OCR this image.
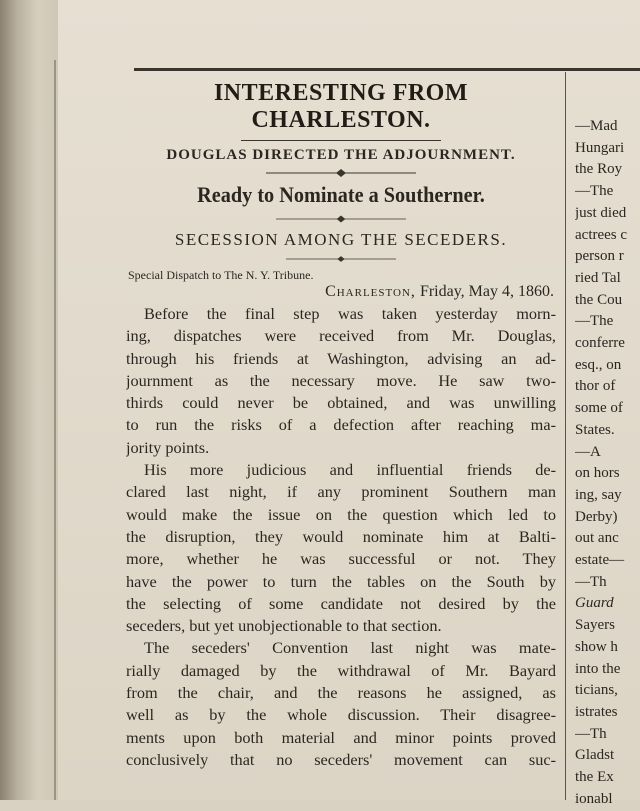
INTERESTING FROM CHARLESTON.
DOUGLAS DIRECTED THE ADJOURNMENT.
Ready to Nominate a Southerner.
SECESSION AMONG THE SECEDERS.
Special Dispatch to The N. Y. Tribune.
Charleston, Friday, May 4, 1860.
Before the final step was taken yesterday morn-
ing, dispatches were received from Mr. Douglas,
through his friends at Washington, advising an ad-
journment as the necessary move. He saw two-
thirds could never be obtained, and was unwilling
to run the risks of a defection after reaching ma-
jority points.
His more judicious and influential friends de-
clared last night, if any prominent Southern man
would make the issue on the question which led to
the disruption, they would nominate him at Balti-
more, whether he was successful or not. They
have the power to turn the tables on the South by
the selecting of some candidate not desired by the
seceders, but yet unobjectionable to that section.
The seceders' Convention last night was mate-
rially damaged by the withdrawal of Mr. Bayard
from the chair, and the reasons he assigned, as
well as by the whole discussion. Their disagree-
ments upon both material and minor points proved
conclusively that no seceders' movement can suc-
—Mad
Hungari
the Roy
—The
just died
actrees c
person r
ried Tal
the Cou
—The
conferre
esq., on
thor of
some of
States.
—A
on hors
ing, say
Derby)
out anc
estate—
—Th
Guard
Sayers
show h
into the
ticians,
istrates
—Th
Gladst
the Ex
ionabl
